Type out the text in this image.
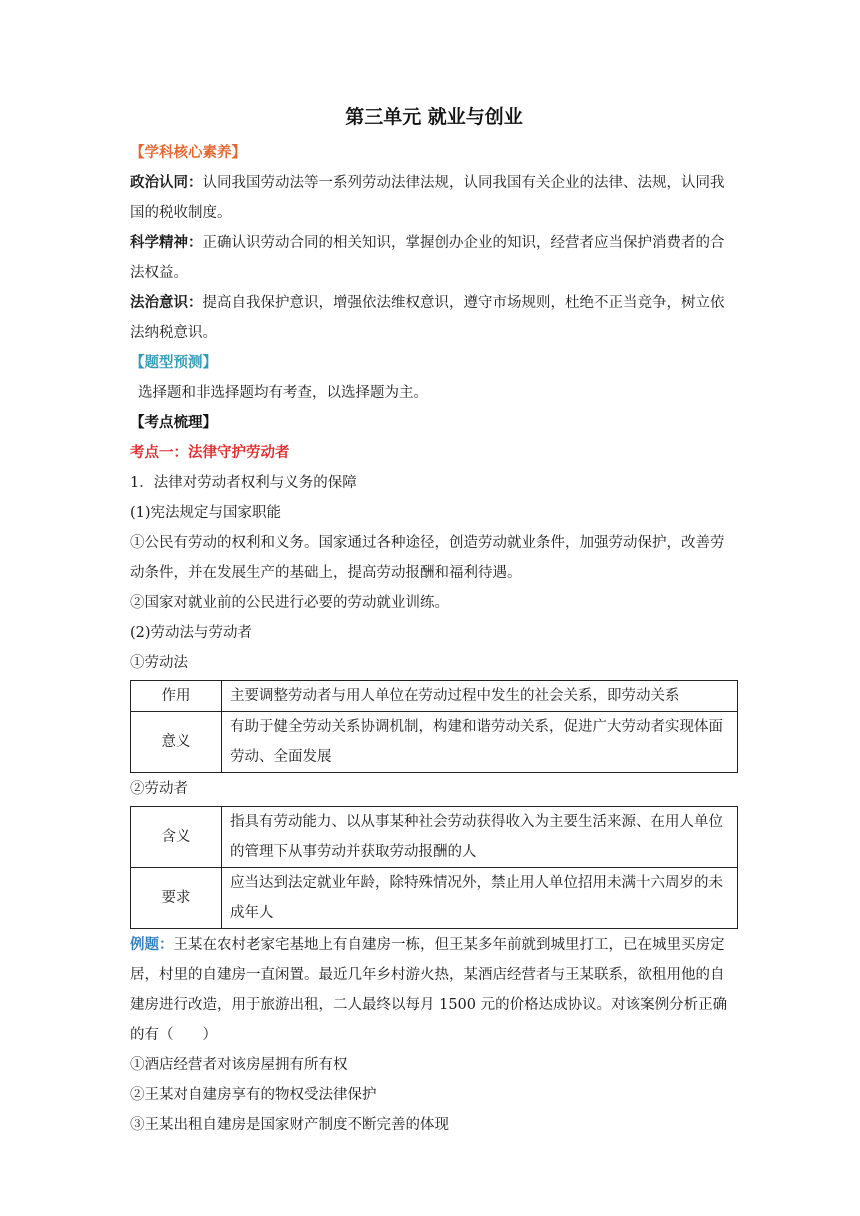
第三单元 就业与创业

【学科核心素养】

政治认同：认同我国劳动法等一系列劳动法律法规，认同我国有关企业的法律、法规，认同我国的税收制度。

科学精神：正确认识劳动合同的相关知识，掌握创办企业的知识，经营者应当保护消费者的合法权益。

法治意识：提高自我保护意识，增强依法维权意识，遵守市场规则，杜绝不正当竞争，树立依法纳税意识。

【题型预测】

选择题和非选择题均有考查，以选择题为主。

【考点梳理】

考点一：法律守护劳动者

1．法律对劳动者权利与义务的保障

(1)宪法规定与国家职能

①公民有劳动的权利和义务。国家通过各种途径，创造劳动就业条件，加强劳动保护，改善劳动条件，并在发展生产的基础上，提高劳动报酬和福利待遇。

②国家对就业前的公民进行必要的劳动就业训练。

(2)劳动法与劳动者

①劳动法

作用	主要调整劳动者与用人单位在劳动过程中发生的社会关系，即劳动关系
意义	有助于健全劳动关系协调机制，构建和谐劳动关系，促进广大劳动者实现体面劳动、全面发展

②劳动者

含义	指具有劳动能力、以从事某种社会劳动获得收入为主要生活来源、在用人单位的管理下从事劳动并获取劳动报酬的人
要求	应当达到法定就业年龄，除特殊情况外，禁止用人单位招用未满十六周岁的未成年人

例题：王某在农村老家宅基地上有自建房一栋，但王某多年前就到城里打工，已在城里买房定居，村里的自建房一直闲置。最近几年乡村游火热，某酒店经营者与王某联系，欲租用他的自建房进行改造，用于旅游出租，二人最终以每月 1500 元的价格达成协议。对该案例分析正确的有（　　）

①酒店经营者对该房屋拥有所有权

②王某对自建房享有的物权受法律保护

③王某出租自建房是国家财产制度不断完善的体现
